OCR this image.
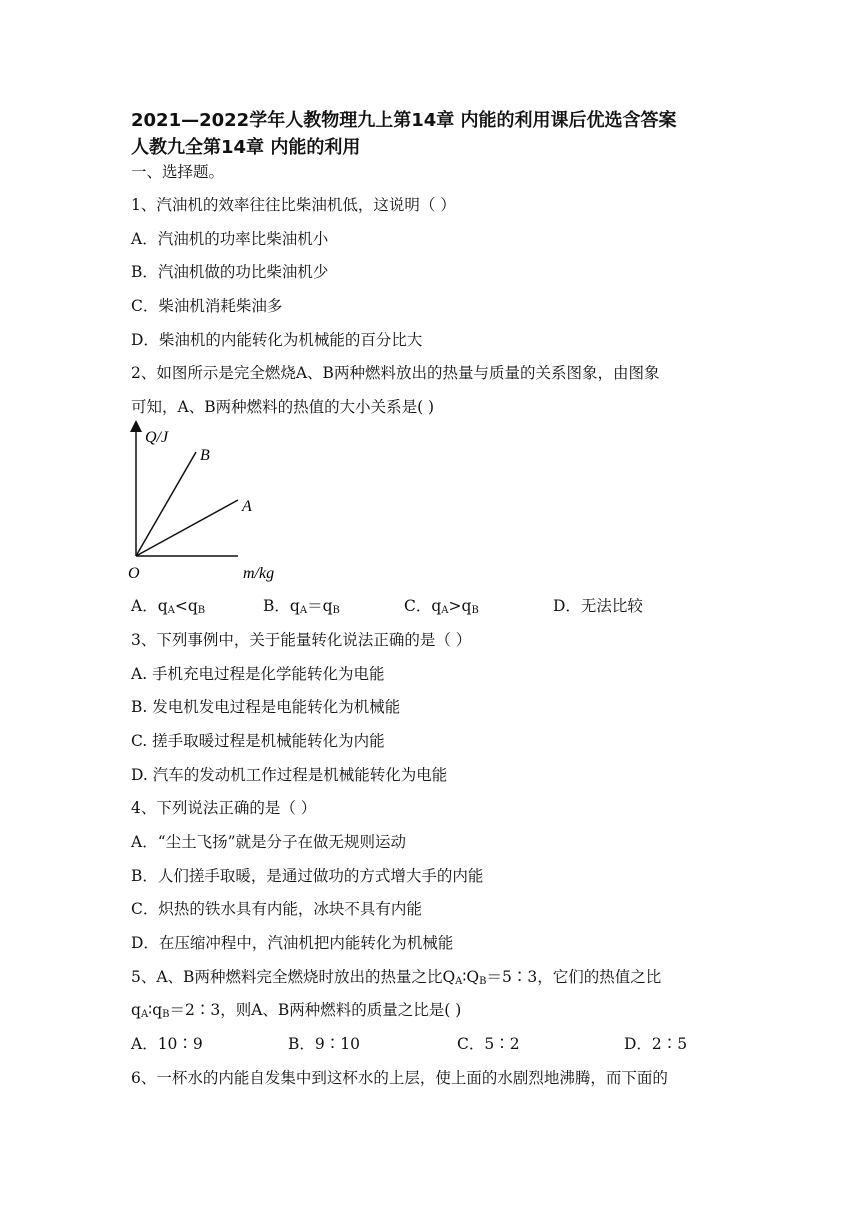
2021—2022学年人教物理九上第14章 内能的利用课后优选含答案
人教九全第14章 内能的利用
一、选择题。
1、汽油机的效率往往比柴油机低，这说明（ ）
A．汽油机的功率比柴油机小
B．汽油机做的功比柴油机少
C．柴油机消耗柴油多
D．柴油机的内能转化为机械能的百分比大
2、如图所示是完全燃烧A、B两种燃料放出的热量与质量的关系图象，由图象
可知，A、B两种燃料的热值的大小关系是( )
Q/J
m/kg
O
B
A
A．$q_A<q_B$	B．$q_A=q_B$	C．$q_A>q_B$	D．无法比较
3、下列事例中，关于能量转化说法正确的是（ ）
A. 手机充电过程是化学能转化为电能
B. 发电机发电过程是电能转化为机械能
C. 搓手取暖过程是机械能转化为内能
D. 汽车的发动机工作过程是机械能转化为电能
4、下列说法正确的是（ ）
A．“尘土飞扬”就是分子在做无规则运动
B．人们搓手取暖，是通过做功的方式增大手的内能
C．炽热的铁水具有内能，冰块不具有内能
D．在压缩冲程中，汽油机把内能转化为机械能
5、A、B两种燃料完全燃烧时放出的热量之比$Q_A∶Q_B=5∶3$，它们的热值之比
$q_A∶q_B=2∶3$，则A、B两种燃料的质量之比是( )
A．10∶9	B．9∶10	C．5∶2	D．2∶5
6、一杯水的内能自发集中到这杯水的上层，使上面的水剧烈地沸腾，而下面的
